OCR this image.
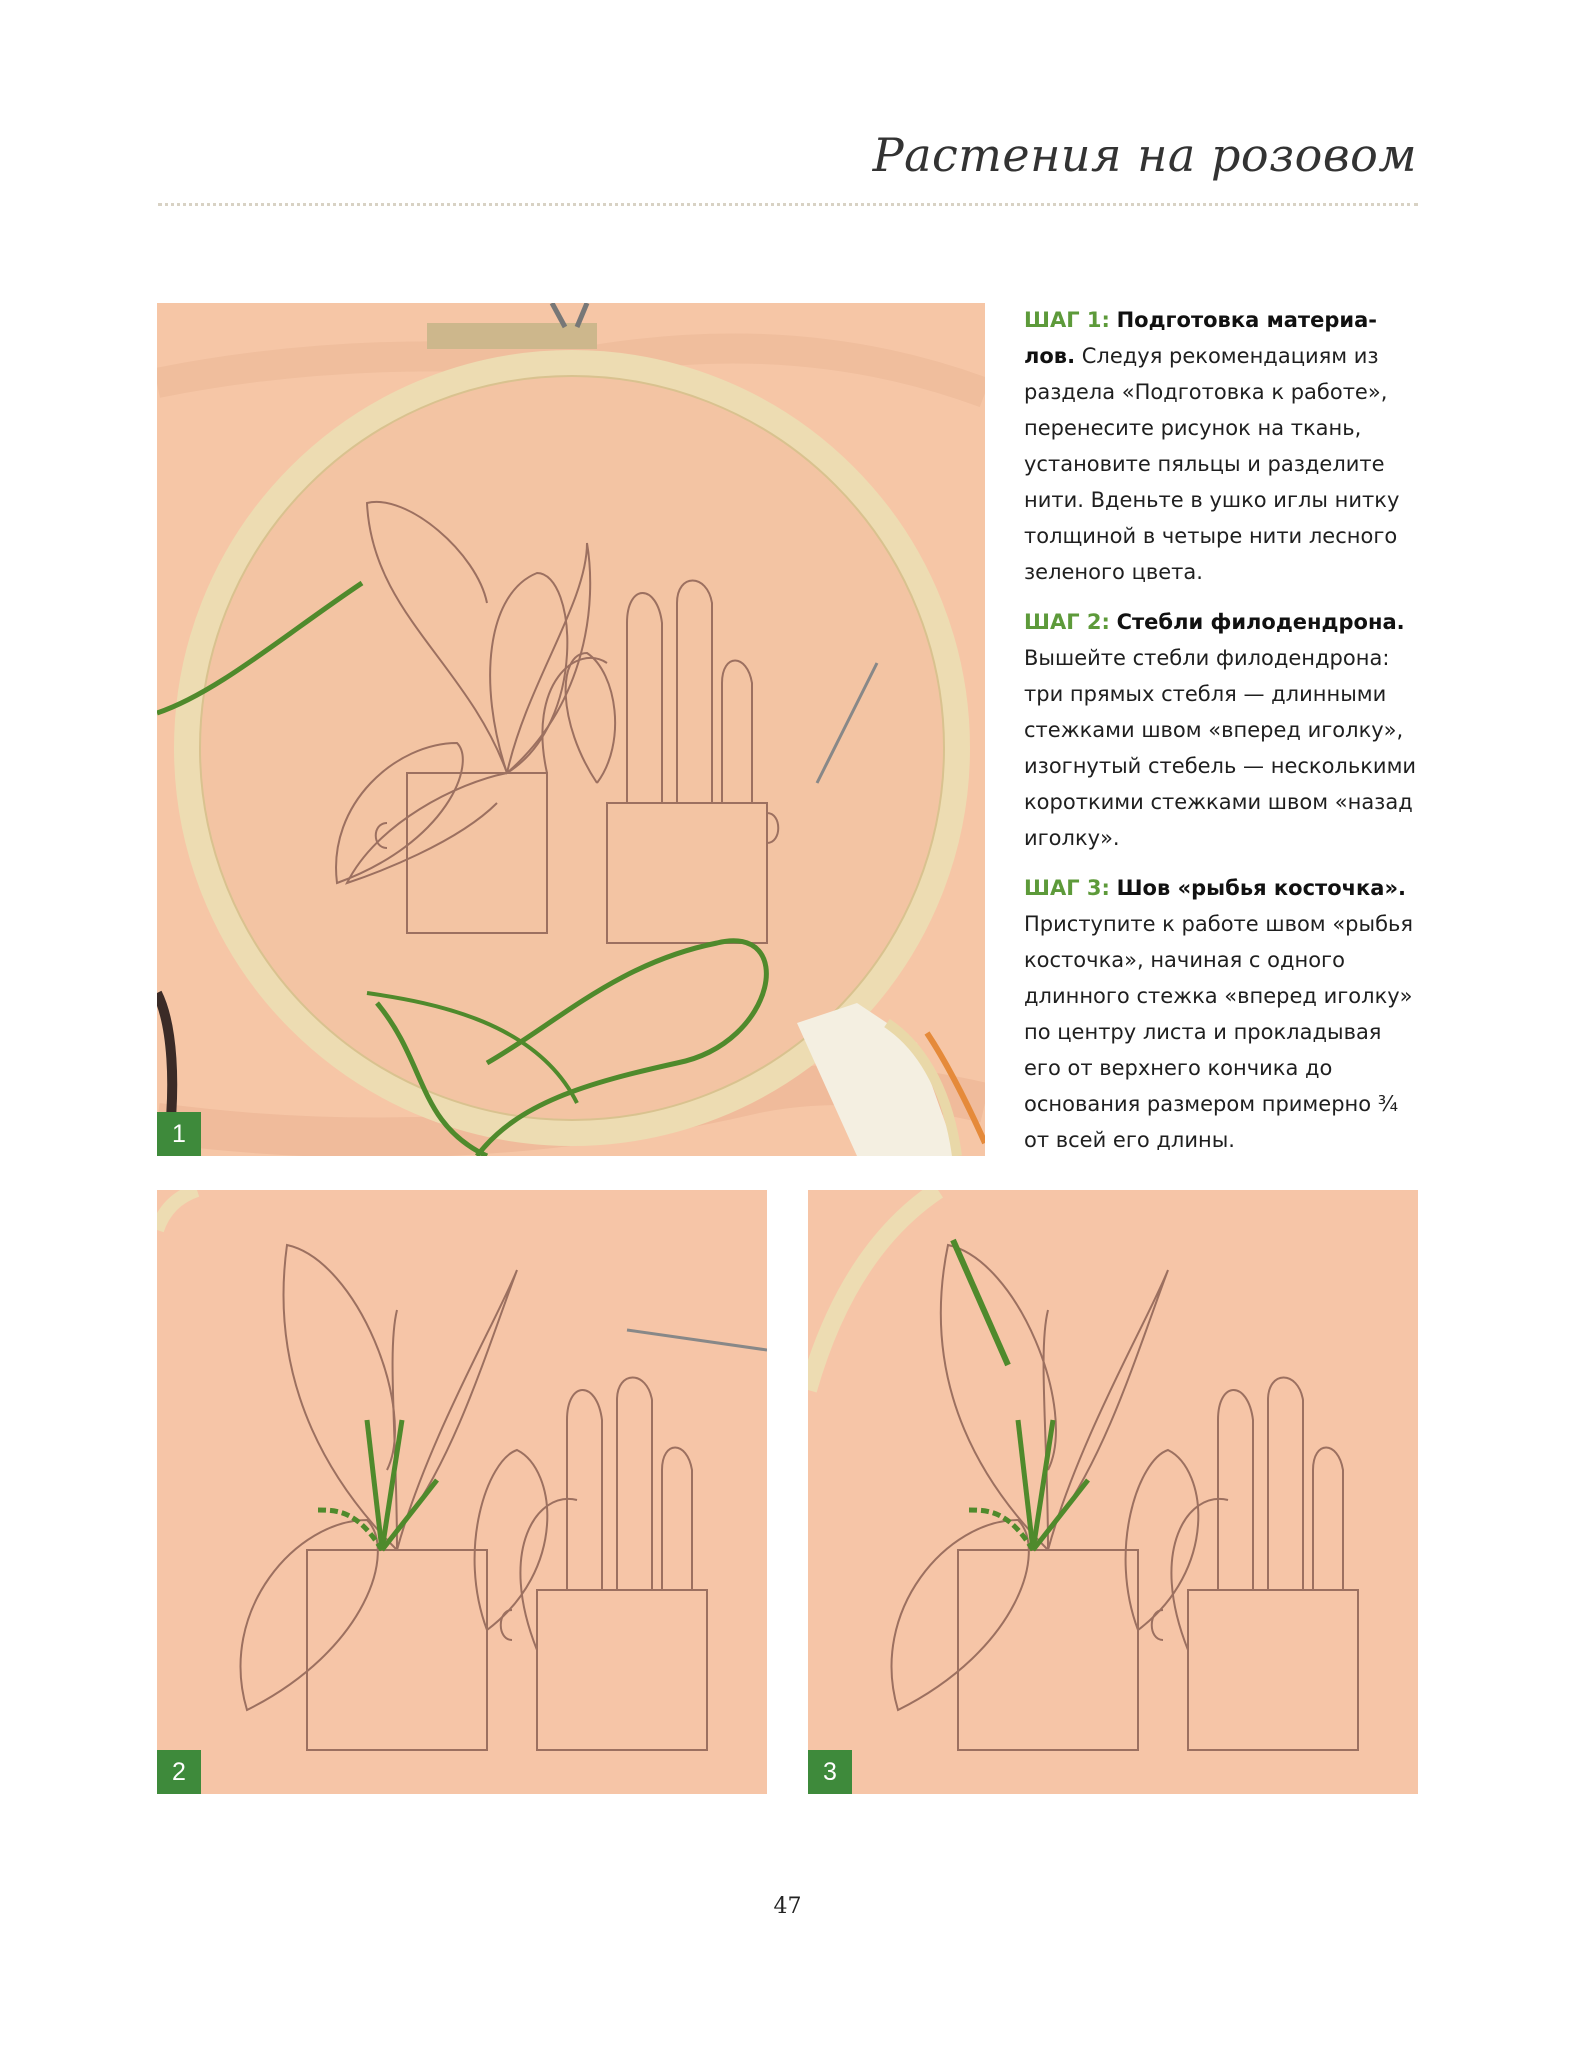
Растения на розовом
1

ШАГ 1: Подготовка материа-лов. Следуя рекомендациям из раздела «Подготовка к работе», перенесите рисунок на ткань, установите пяльцы и разделите нити. Вденьте в ушко иглы нитку толщиной в четыре нити лесного зеленого цвета.

ШАГ 2: Стебли филодендрона. Вышейте стебли филодендрона: три прямых стебля — длинными стежками швом «вперед иголку», изогнутый стебель — несколькими короткими стежками швом «назад иголку».

ШАГ 3: Шов «рыбья косточка». Приступите к работе швом «рыбья косточка», начиная с одного длинного стежка «вперед иголку» по центру листа и прокладывая его от верхнего кончика до основания размером примерно ¾ от всей его длины.

2	3
47
